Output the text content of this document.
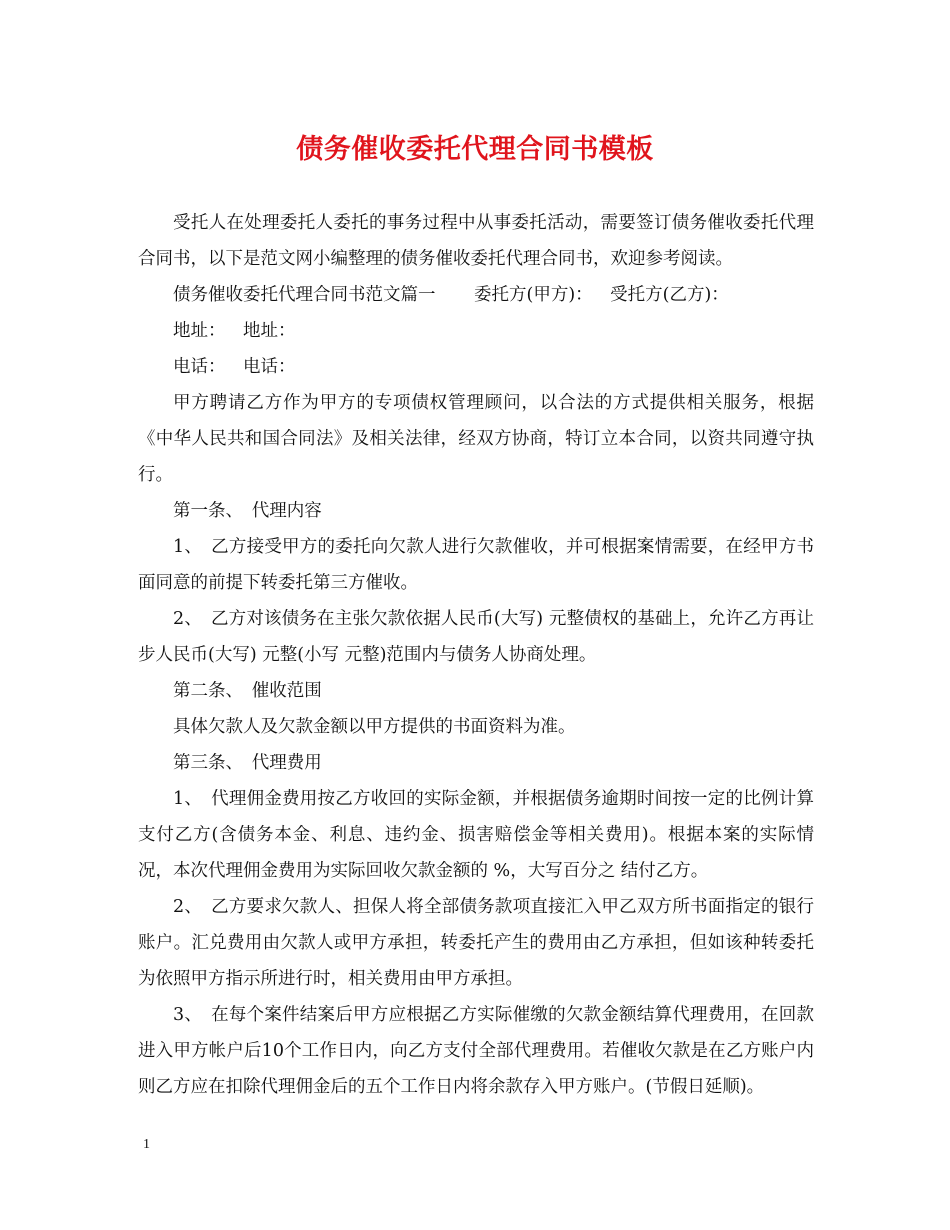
债务催收委托代理合同书模板

受托人在处理委托人委托的事务过程中从事委托活动，需要签订债务催收委托代理合同书，以下是范文网小编整理的债务催收委托代理合同书，欢迎参考阅读。

债务催收委托代理合同书范文篇一 委托方(甲方)： 受托方(乙方)：

地址： 地址：

电话： 电话：

甲方聘请乙方作为甲方的专项债权管理顾问，以合法的方式提供相关服务，根据《中华人民共和国合同法》及相关法律，经双方协商，特订立本合同，以资共同遵守执行。

第一条、　代理内容

1、　乙方接受甲方的委托向欠款人进行欠款催收，并可根据案情需要，在经甲方书面同意的前提下转委托第三方催收。

2、　乙方对该债务在主张欠款依据人民币(大写) 元整债权的基础上，允许乙方再让步人民币(大写) 元整(小写 元整)范围内与债务人协商处理。

第二条、　催收范围

具体欠款人及欠款金额以甲方提供的书面资料为准。

第三条、　代理费用

1、　代理佣金费用按乙方收回的实际金额，并根据债务逾期时间按一定的比例计算支付乙方(含债务本金、利息、违约金、损害赔偿金等相关费用)。根据本案的实际情况，本次代理佣金费用为实际回收欠款金额的 %，大写百分之 结付乙方。

2、　乙方要求欠款人、担保人将全部债务款项直接汇入甲乙双方所书面指定的银行账户。汇兑费用由欠款人或甲方承担，转委托产生的费用由乙方承担，但如该种转委托为依照甲方指示所进行时，相关费用由甲方承担。

3、　在每个案件结案后甲方应根据乙方实际催缴的欠款金额结算代理费用，在回款进入甲方帐户后10个工作日内，向乙方支付全部代理费用。若催收欠款是在乙方账户内则乙方应在扣除代理佣金后的五个工作日内将余款存入甲方账户。(节假日延顺)。

1
